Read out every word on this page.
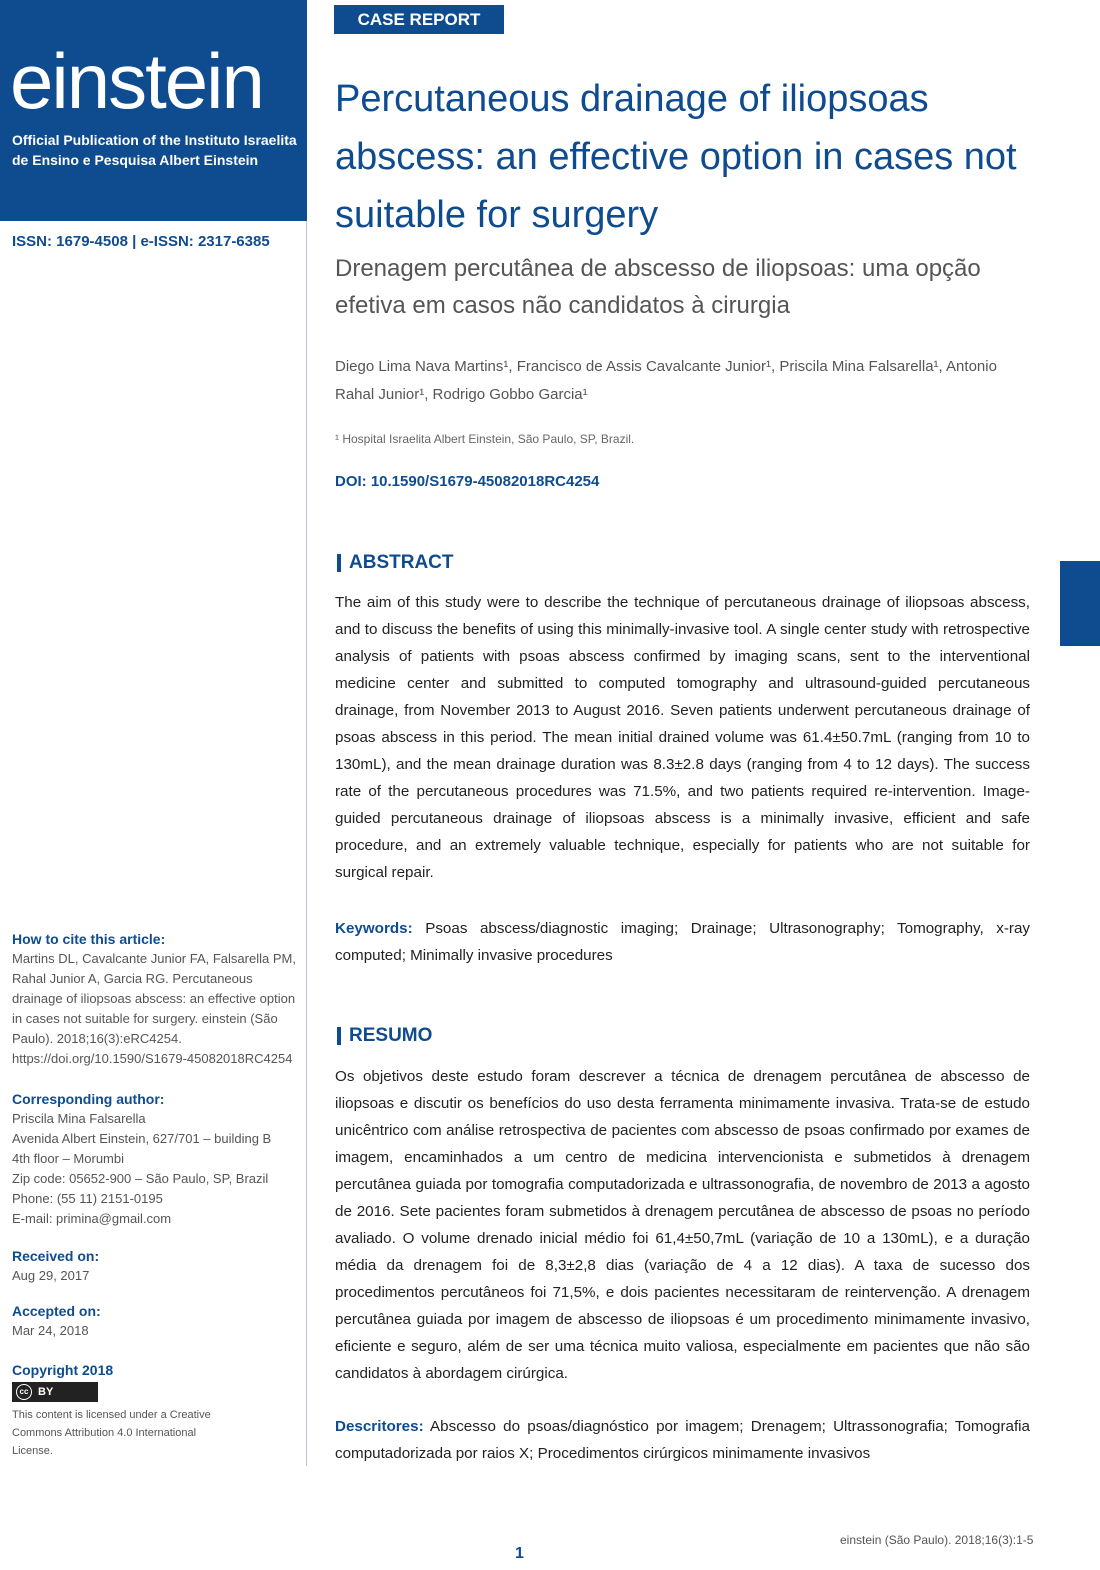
einstein
Official Publication of the Instituto Israelita de Ensino e Pesquisa Albert Einstein
ISSN: 1679-4508 | e-ISSN: 2317-6385
How to cite this article:
Martins DL, Cavalcante Junior FA, Falsarella PM, Rahal Junior A, Garcia RG. Percutaneous drainage of iliopsoas abscess: an effective option in cases not suitable for surgery. einstein (São Paulo). 2018;16(3):eRC4254. https://doi.org/10.1590/S1679-45082018RC4254
Corresponding author:
Priscila Mina Falsarella
Avenida Albert Einstein, 627/701 – building B
4th floor – Morumbi
Zip code: 05652-900 – São Paulo, SP, Brazil
Phone: (55 11) 2151-0195
E-mail: primina@gmail.com
Received on:
Aug 29, 2017
Accepted on:
Mar 24, 2018
Copyright 2018
cc BY
This content is licensed under a Creative Commons Attribution 4.0 International License.
CASE REPORT
Percutaneous drainage of iliopsoas abscess: an effective option in cases not suitable for surgery
Drenagem percutânea de abscesso de iliopsoas: uma opção efetiva em casos não candidatos à cirurgia
Diego Lima Nava Martins¹, Francisco de Assis Cavalcante Junior¹, Priscila Mina Falsarella¹, Antonio Rahal Junior¹, Rodrigo Gobbo Garcia¹
¹ Hospital Israelita Albert Einstein, São Paulo, SP, Brazil.
DOI: 10.1590/S1679-45082018RC4254
ABSTRACT
The aim of this study were to describe the technique of percutaneous drainage of iliopsoas abscess, and to discuss the benefits of using this minimally-invasive tool. A single center study with retrospective analysis of patients with psoas abscess confirmed by imaging scans, sent to the interventional medicine center and submitted to computed tomography and ultrasound-guided percutaneous drainage, from November 2013 to August 2016. Seven patients underwent percutaneous drainage of psoas abscess in this period. The mean initial drained volume was 61.4±50.7mL (ranging from 10 to 130mL), and the mean drainage duration was 8.3±2.8 days (ranging from 4 to 12 days). The success rate of the percutaneous procedures was 71.5%, and two patients required re-intervention. Image-guided percutaneous drainage of iliopsoas abscess is a minimally invasive, efficient and safe procedure, and an extremely valuable technique, especially for patients who are not suitable for surgical repair.
Keywords: Psoas abscess/diagnostic imaging; Drainage; Ultrasonography; Tomography, x-ray computed; Minimally invasive procedures
RESUMO
Os objetivos deste estudo foram descrever a técnica de drenagem percutânea de abscesso de iliopsoas e discutir os benefícios do uso desta ferramenta minimamente invasiva. Trata-se de estudo unicêntrico com análise retrospectiva de pacientes com abscesso de psoas confirmado por exames de imagem, encaminhados a um centro de medicina intervencionista e submetidos à drenagem percutânea guiada por tomografia computadorizada e ultrassonografia, de novembro de 2013 a agosto de 2016. Sete pacientes foram submetidos à drenagem percutânea de abscesso de psoas no período avaliado. O volume drenado inicial médio foi 61,4±50,7mL (variação de 10 a 130mL), e a duração média da drenagem foi de 8,3±2,8 dias (variação de 4 a 12 dias). A taxa de sucesso dos procedimentos percutâneos foi 71,5%, e dois pacientes necessitaram de reintervenção. A drenagem percutânea guiada por imagem de abscesso de iliopsoas é um procedimento minimamente invasivo, eficiente e seguro, além de ser uma técnica muito valiosa, especialmente em pacientes que não são candidatos à abordagem cirúrgica.
Descritores: Abscesso do psoas/diagnóstico por imagem; Drenagem; Ultrassonografia; Tomografia computadorizada por raios X; Procedimentos cirúrgicos minimamente invasivos
einstein (São Paulo). 2018;16(3):1-5
1
